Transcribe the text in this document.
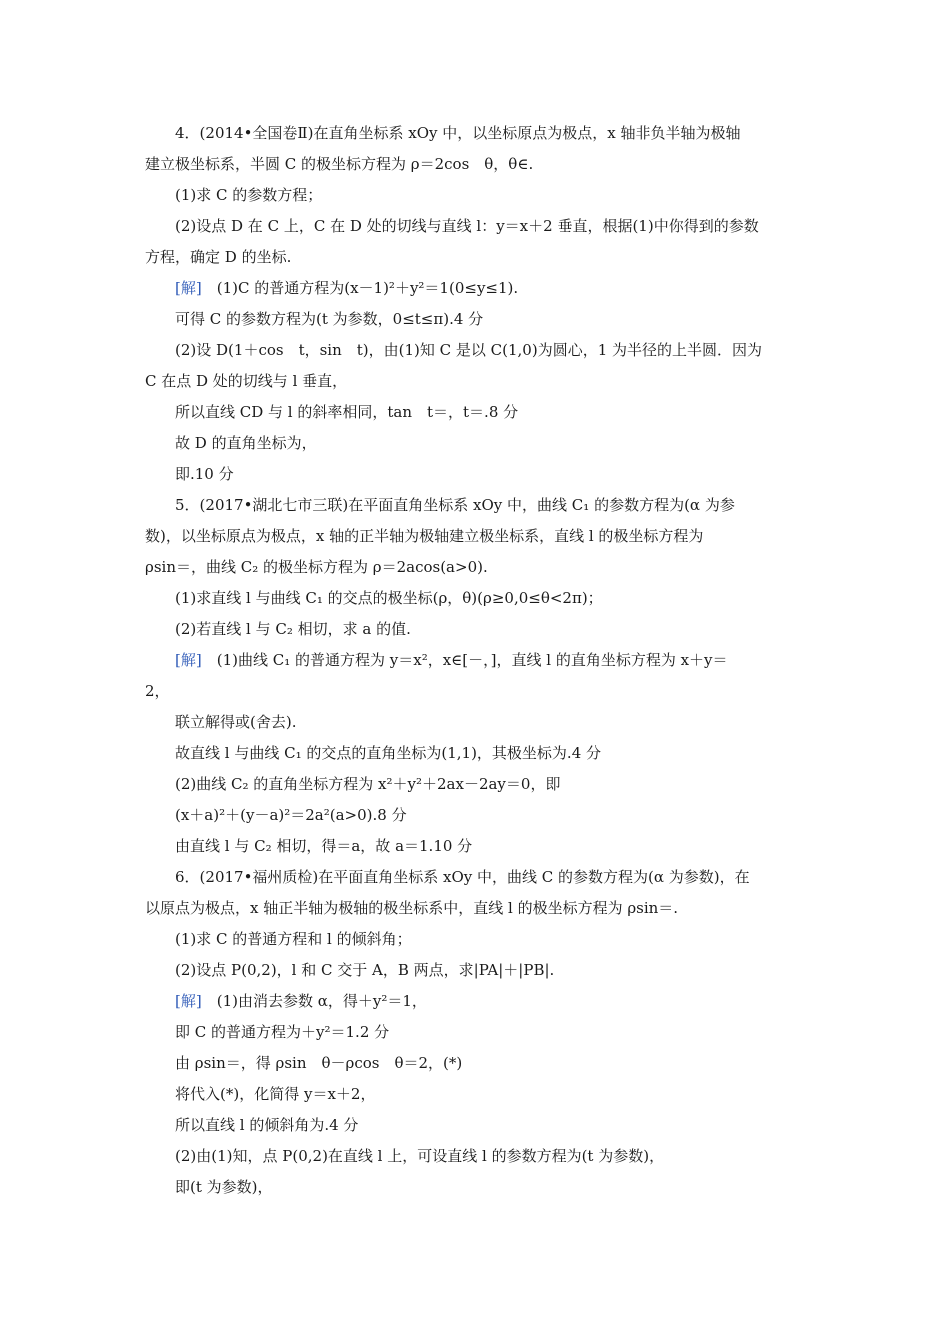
4．(2014•全国卷Ⅱ)在直角坐标系 xOy 中，以坐标原点为极点，x 轴非负半轴为极轴
建立极坐标系，半圆 C 的极坐标方程为 ρ＝2cos　θ，θ∈.
(1)求 C 的参数方程；
(2)设点 D 在 C 上，C 在 D 处的切线与直线 l：y＝x＋2 垂直，根据(1)中你得到的参数
方程，确定 D 的坐标.
[解]　 (1)C 的普通方程为(x－1)²＋y²＝1(0≤y≤1).
可得 C 的参数方程为(t 为参数，0≤t≤π).4 分
(2)设 D(1＋cos　t，sin　t)，由(1)知 C 是以 C(1,0)为圆心，1 为半径的上半圆．因为
C 在点 D 处的切线与 l 垂直，
所以直线 CD 与 l 的斜率相同，tan　t＝，t＝.8 分
故 D 的直角坐标为，
即.10 分
5．(2017•湖北七市三联)在平面直角坐标系 xOy 中，曲线 C₁ 的参数方程为(α 为参
数)，以坐标原点为极点，x 轴的正半轴为极轴建立极坐标系，直线 l 的极坐标方程为
ρsin＝，曲线 C₂ 的极坐标方程为 ρ＝2acos(a>0).
(1)求直线 l 与曲线 C₁ 的交点的极坐标(ρ，θ)(ρ≥0,0≤θ<2π)；
(2)若直线 l 与 C₂ 相切，求 a 的值.
[解]　 (1)曲线 C₁ 的普通方程为 y＝x²，x∈[－，]，直线 l 的直角坐标方程为 x＋y＝
2，
联立解得或(舍去).
故直线 l 与曲线 C₁ 的交点的直角坐标为(1,1)，其极坐标为.4 分
(2)曲线 C₂ 的直角坐标方程为 x²＋y²＋2ax－2ay＝0，即
(x＋a)²＋(y－a)²＝2a²(a>0).8 分
由直线 l 与 C₂ 相切，得＝a，故 a＝1.10 分
6．(2017•福州质检)在平面直角坐标系 xOy 中，曲线 C 的参数方程为(α 为参数)，在
以原点为极点，x 轴正半轴为极轴的极坐标系中，直线 l 的极坐标方程为 ρsin＝.
(1)求 C 的普通方程和 l 的倾斜角；
(2)设点 P(0,2)，l 和 C 交于 A，B 两点，求|PA|＋|PB|.
[解]　 (1)由消去参数 α，得＋y²＝1，
即 C 的普通方程为＋y²＝1.2 分
由 ρsin＝，得 ρsin　θ－ρcos　θ＝2，(*)
将代入(*)，化简得 y＝x＋2，
所以直线 l 的倾斜角为.4 分
(2)由(1)知，点 P(0,2)在直线 l 上，可设直线 l 的参数方程为(t 为参数)，
即(t 为参数)，
